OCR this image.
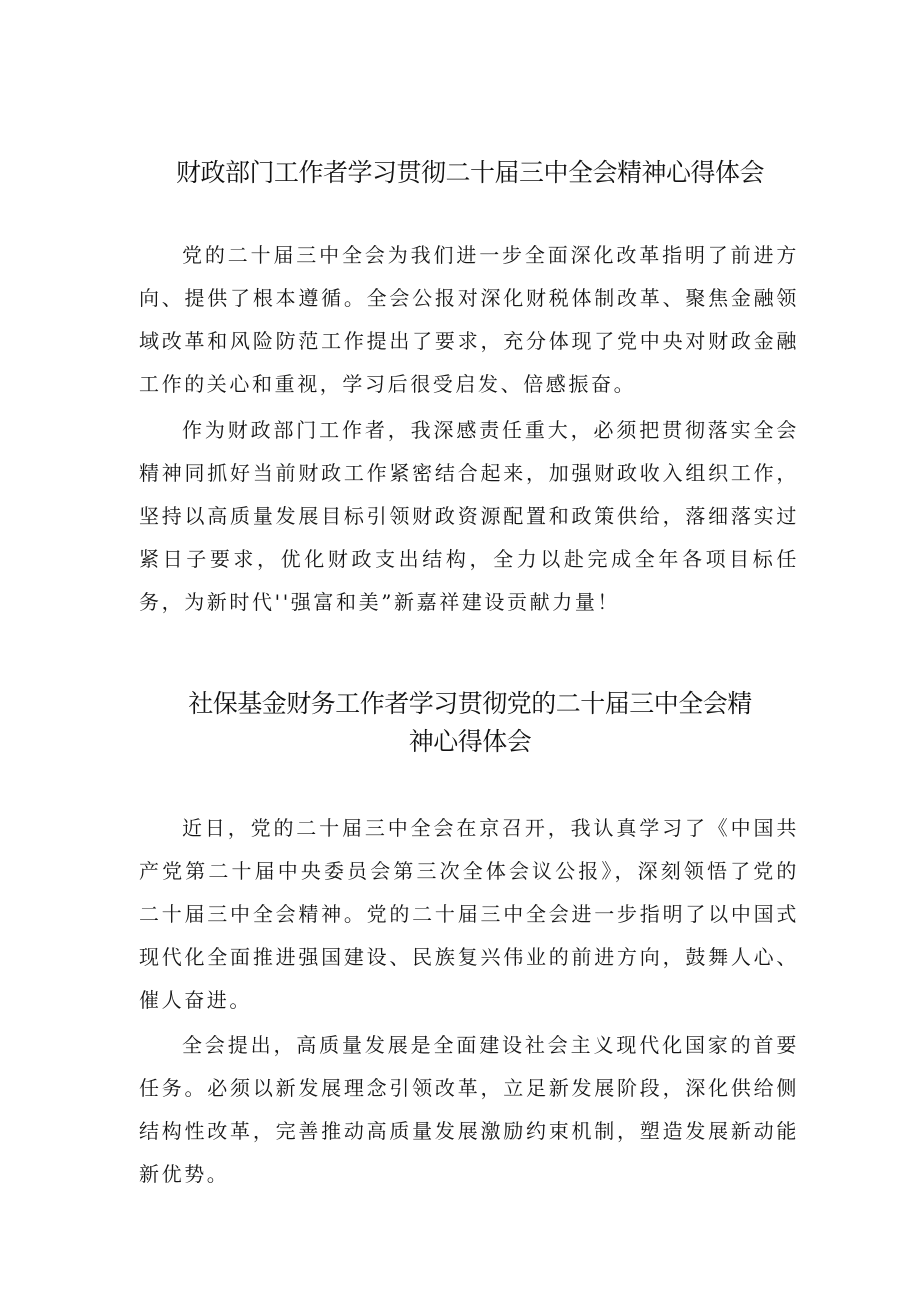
财政部门工作者学习贯彻二十届三中全会精神心得体会

党的二十届三中全会为我们进一步全面深化改革指明了前进方向、提供了根本遵循。全会公报对深化财税体制改革、聚焦金融领域改革和风险防范工作提出了要求，充分体现了党中央对财政金融工作的关心和重视，学习后很受启发、倍感振奋。

作为财政部门工作者，我深感责任重大，必须把贯彻落实全会精神同抓好当前财政工作紧密结合起来，加强财政收入组织工作，坚持以高质量发展目标引领财政资源配置和政策供给，落细落实过紧日子要求，优化财政支出结构，全力以赴完成全年各项目标任务，为新时代''强富和美”新嘉祥建设贡献力量！

社保基金财务工作者学习贯彻党的二十届三中全会精
神心得体会

近日，党的二十届三中全会在京召开，我认真学习了《中国共产党第二十届中央委员会第三次全体会议公报》，深刻领悟了党的二十届三中全会精神。党的二十届三中全会进一步指明了以中国式现代化全面推进强国建设、民族复兴伟业的前进方向，鼓舞人心、催人奋进。

全会提出，高质量发展是全面建设社会主义现代化国家的首要任务。必须以新发展理念引领改革，立足新发展阶段，深化供给侧结构性改革，完善推动高质量发展激励约束机制，塑造发展新动能新优势。
